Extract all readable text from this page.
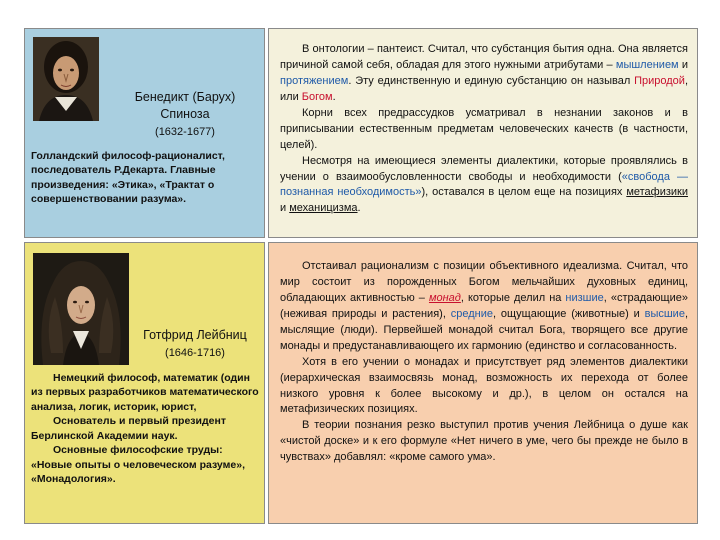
Бенедикт (Барух)
Спиноза
(1632-1677)
Голландский философ-рационалист, последователь Р.Декарта. Главные произведения: «Этика», «Трактат о совершенствовании разума».

В онтологии – пантеист. Считал, что субстанция бытия одна. Она является причиной самой себя, обладая для этого нужными атрибутами – мышлением и протяжением. Эту единственную и единую субстанцию он называл Природой, или Богом.

Корни всех предрассудков усматривал в незнании законов и в приписывании естественным предметам человеческих качеств (в частности, целей).

Несмотря на имеющиеся элементы диалектики, которые проявлялись в учении о взаимообусловленности свободы и необходимости («свобода — познанная необходимость»), оставался в целом еще на позициях метафизики и механицизма.

Готфрид Лейбниц
(1646-1716)
Немецкий философ, математик (один из первых разработчиков математического анализа, логик, историк, юрист,
Основатель и первый президент Берлинской Академии наук.
Основные философские труды: «Новые опыты о человеческом разуме», «Монадология».

Отстаивал рационализм с позиции объективного идеализма. Считал, что мир состоит из порожденных Богом мельчайших духовных единиц, обладающих активностью – монад, которые делил на низшие, «страдающие» (неживая природы и растения), средние, ощущающие (животные) и высшие, мыслящие (люди). Первейшей монадой считал Бога, творящего все другие монады и предустанавливающего их гармонию (единство и согласованность.

Хотя в его учении о монадах и присутствует ряд элементов диалектики (иерархическая взаимосвязь монад, возможность их перехода от более низкого уровня к более высокому и др.), в целом он остался на метафизических позициях.

В теории познания резко выступил против учения Лейбница о душе как «чистой доске» и к его формуле «Нет ничего в уме, чего бы прежде не было в чувствах» добавлял: «кроме самого ума».
